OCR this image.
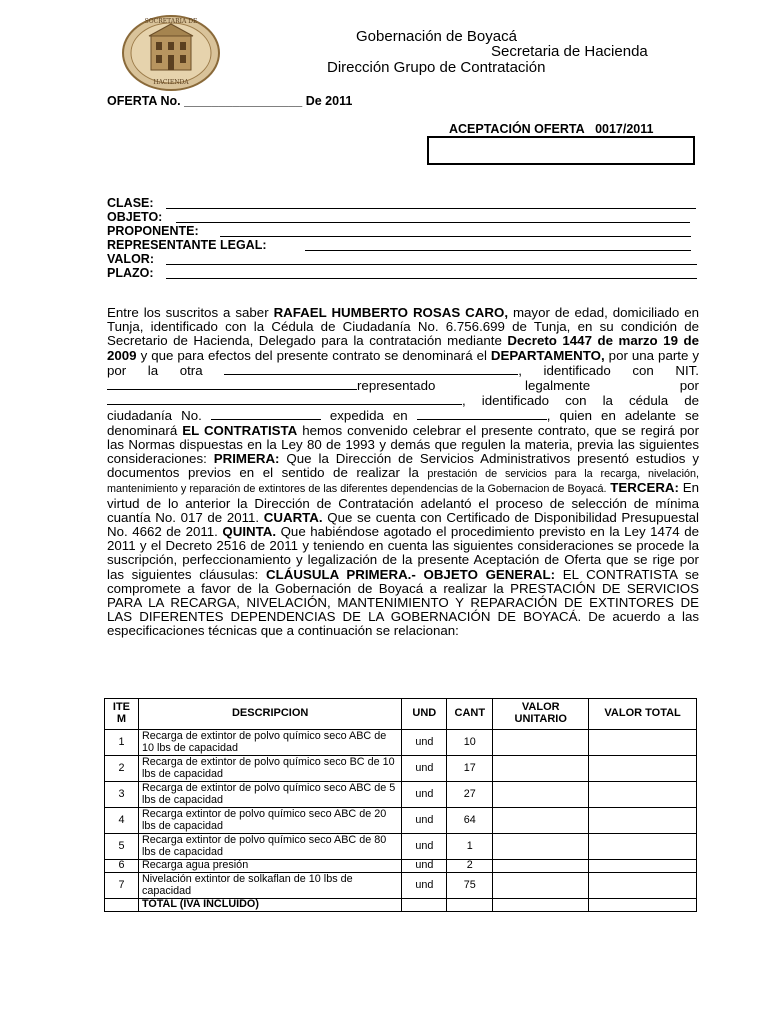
SOCRETARIA DE
HACIENDA
Gobernación de Boyacá
Secretaria de Hacienda
Dirección Grupo de Contratación
OFERTA No. _________________ De 2011
ACEPTACIÓN OFERTA 0017/2011
CLASE:
OBJETO:
PROPONENTE:
REPRESENTANTE LEGAL:
VALOR:
PLAZO:

Entre los suscritos a saber RAFAEL HUMBERTO ROSAS CARO, mayor de edad, domiciliado en Tunja, identificado con la Cédula de Ciudadanía No. 6.756.699 de Tunja, en su condición de Secretario de Hacienda, Delegado para la contratación mediante Decreto 1447 de marzo 19 de 2009 y que para efectos del presente contrato se denominará el DEPARTAMENTO, por una parte y por la otra	, identificado con NIT. representado legalmente por , identificado con la cédula de ciudadanía No.	expedida en	, quien en adelante se denominará EL CONTRATISTA hemos convenido celebrar el presente contrato, que se regirá por las Normas dispuestas en la Ley 80 de 1993 y demás que regulen la materia, previa las siguientes consideraciones: PRIMERA: Que la Dirección de Servicios Administrativos presentó estudios y documentos previos en el sentido de realizar la prestación de servicios para la recarga, nivelación, mantenimiento y reparación de extintores de las diferentes dependencias de la Gobernacion de Boyacá. TERCERA: En virtud de lo anterior la Dirección de Contratación adelantó el proceso de selección de mínima cuantía No. 017 de 2011. CUARTA. Que se cuenta con Certificado de Disponibilidad Presupuestal No. 4662 de 2011. QUINTA. Que habiéndose agotado el procedimiento previsto en la Ley 1474 de 2011 y el Decreto 2516 de 2011 y teniendo en cuenta las siguientes consideraciones se procede la suscripción, perfeccionamiento y legalización de la presente Aceptación de Oferta que se rige por las siguientes cláusulas: CLÁUSULA PRIMERA.- OBJETO GENERAL: EL CONTRATISTA se compromete a favor de la Gobernación de Boyacá a realizar la PRESTACIÓN DE SERVICIOS PARA LA RECARGA, NIVELACIÓN, MANTENIMIENTO Y REPARACIÓN DE EXTINTORES DE LAS DIFERENTES DEPENDENCIAS DE LA GOBERNACIÓN DE BOYACÁ. De acuerdo a las especificaciones técnicas que a continuación se relacionan:

ITE M	DESCRIPCION	UND	CANT	VALOR UNITARIO	VALOR TOTAL
1	Recarga de extintor de polvo químico seco ABC de 10 lbs de capacidad	und	10		
2	Recarga de extintor de polvo químico seco BC de 10 lbs de capacidad	und	17		
3	Recarga de extintor de polvo químico seco ABC de 5 lbs de capacidad	und	27		
4	Recarga extintor de polvo químico seco ABC de 20 lbs de capacidad	und	64		
5	Recarga extintor de polvo químico seco ABC de 80 lbs de capacidad	und	1		
6	Recarga agua presión	und	2		
7	Nivelación extintor de solkaflan de 10 lbs de capacidad	und	75		
	TOTAL (IVA INCLUIDO)				
